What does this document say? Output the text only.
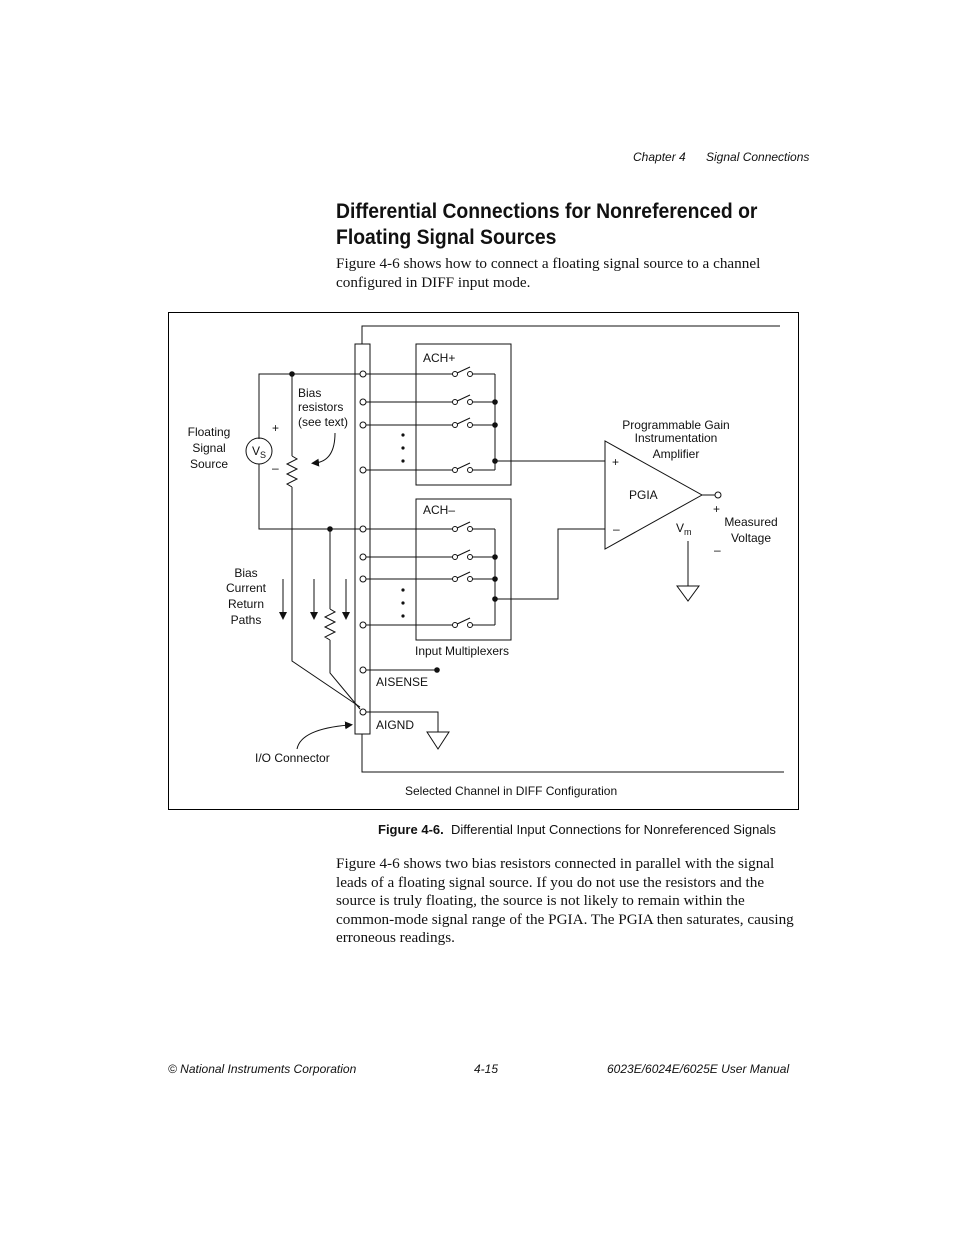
Chapter 4 Signal Connections
Differential Connections for Nonreferenced or
Floating Signal Sources
Figure 4-6 shows how to connect a floating signal source to a channel
configured in DIFF input mode.
ACH+
ACH–
Floating
Signal
Source
V S
+
–
Bias
resistors
(see text)
Bias
Current
Return
Paths
Programmable Gain
Instrumentation
Amplifier
PGIA
+
–	V m
+
–
Measured
Voltage
Input Multiplexers
AISENSE
AIGND
I/O Connector
Selected Channel in DIFF Configuration
Figure 4-6. Differential Input Connections for Nonreferenced Signals
Figure 4-6 shows two bias resistors connected in parallel with the signal
leads of a floating signal source. If you do not use the resistors and the
source is truly floating, the source is not likely to remain within the
common-mode signal range of the PGIA. The PGIA then saturates, causing
erroneous readings.
© National Instruments Corporation	4-15	6023E/6024E/6025E User Manual
